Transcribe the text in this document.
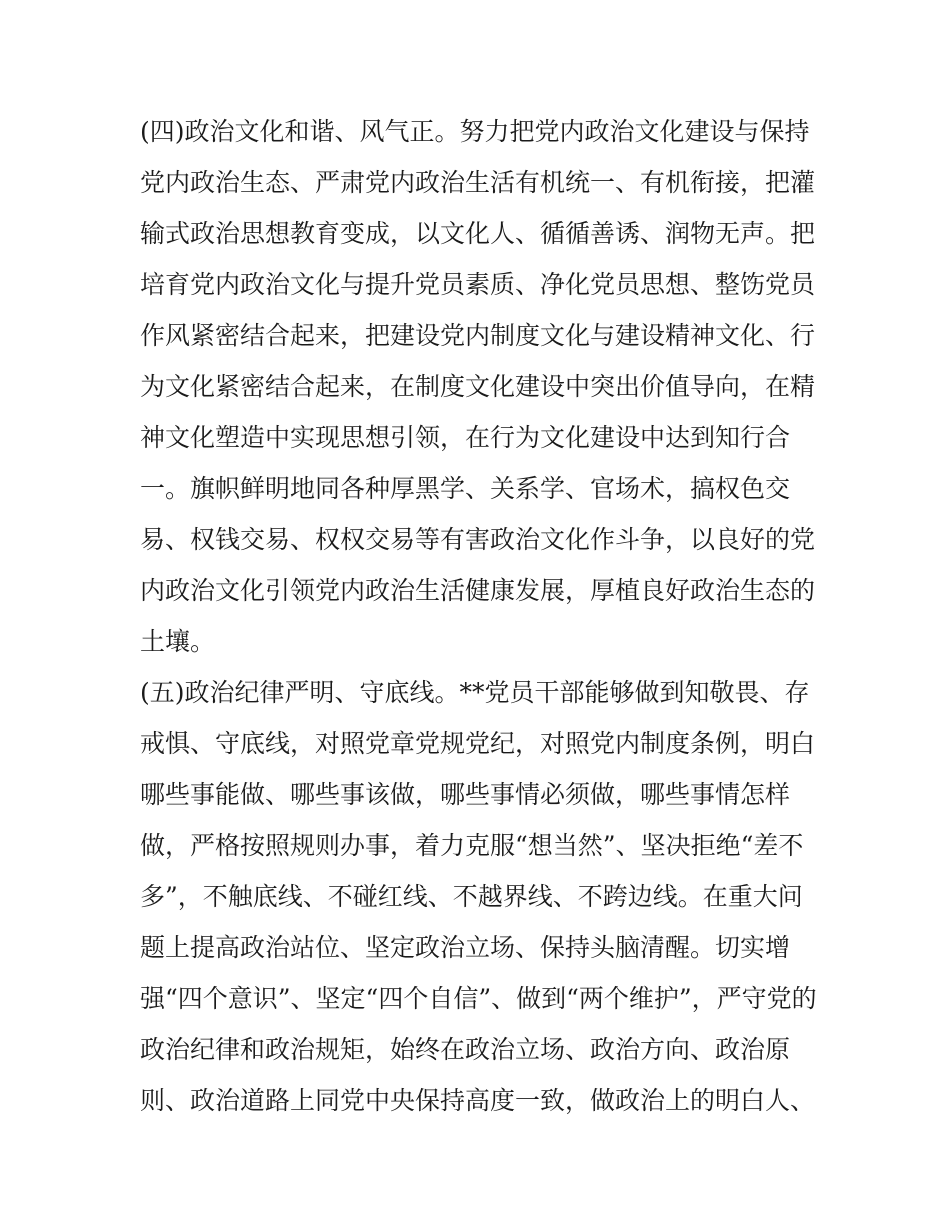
(四)政治文化和谐、风气正。努力把党内政治文化建设与保持
党内政治生态、严肃党内政治生活有机统一、有机衔接，把灌
输式政治思想教育变成，以文化人、循循善诱、润物无声。把
培育党内政治文化与提升党员素质、净化党员思想、整饬党员
作风紧密结合起来，把建设党内制度文化与建设精神文化、行
为文化紧密结合起来，在制度文化建设中突出价值导向，在精
神文化塑造中实现思想引领，在行为文化建设中达到知行合
一。旗帜鲜明地同各种厚黑学、关系学、官场术，搞权色交
易、权钱交易、权权交易等有害政治文化作斗争，以良好的党
内政治文化引领党内政治生活健康发展，厚植良好政治生态的
土壤。
(五)政治纪律严明、守底线。**党员干部能够做到知敬畏、存
戒惧、守底线，对照党章党规党纪，对照党内制度条例，明白
哪些事能做、哪些事该做，哪些事情必须做，哪些事情怎样
做，严格按照规则办事，着力克服“想当然”、坚决拒绝“差不
多”，不触底线、不碰红线、不越界线、不跨边线。在重大问
题上提高政治站位、坚定政治立场、保持头脑清醒。切实增
强“四个意识”、坚定“四个自信”、做到“两个维护”，严守党的
政治纪律和政治规矩，始终在政治立场、政治方向、政治原
则、政治道路上同党中央保持高度一致，做政治上的明白人、
